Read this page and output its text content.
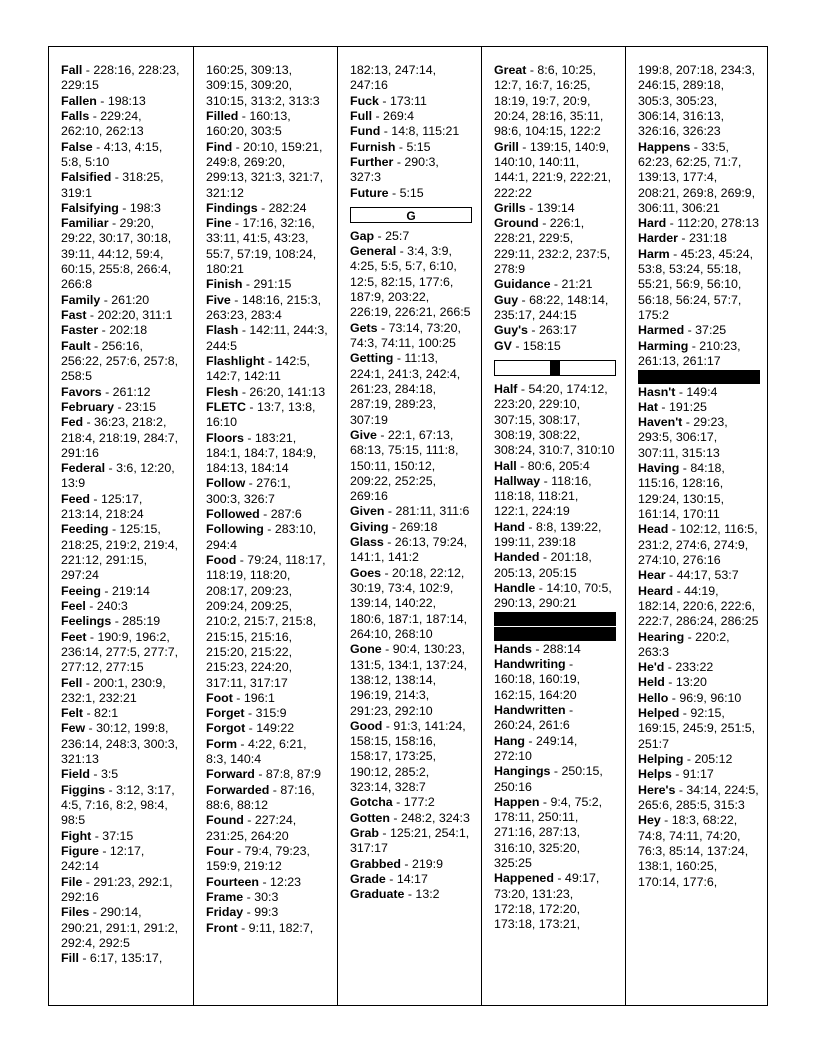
Fall - 228:16, 228:23, 229:15

Fallen - 198:13

Falls - 229:24, 262:10, 262:13

False - 4:13, 4:15, 5:8, 5:10

Falsified - 318:25, 319:1

Falsifying - 198:3

Familiar - 29:20, 29:22, 30:17, 30:18, 39:11, 44:12, 59:4, 60:15, 255:8, 266:4, 266:8

Family - 261:20

Fast - 202:20, 311:1

Faster - 202:18

Fault - 256:16, 256:22, 257:6, 257:8, 258:5

Favors - 261:12

February - 23:15

Fed - 36:23, 218:2, 218:4, 218:19, 284:7, 291:16

Federal - 3:6, 12:20, 13:9

Feed - 125:17, 213:14, 218:24

Feeding - 125:15, 218:25, 219:2, 219:4, 221:12, 291:15, 297:24

Feeing - 219:14

Feel - 240:3

Feelings - 285:19

Feet - 190:9, 196:2, 236:14, 277:5, 277:7, 277:12, 277:15

Fell - 200:1, 230:9, 232:1, 232:21

Felt - 82:1

Few - 30:12, 199:8, 236:14, 248:3, 300:3, 321:13

Field - 3:5

Figgins - 3:12, 3:17, 4:5, 7:16, 8:2, 98:4, 98:5

Fight - 37:15

Figure - 12:17, 242:14

File - 291:23, 292:1, 292:16

Files - 290:14, 290:21, 291:1, 291:2, 292:4, 292:5

Fill - 6:17, 135:17,

160:25, 309:13, 309:15, 309:20, 310:15, 313:2, 313:3

Filled - 160:13, 160:20, 303:5

Find - 20:10, 159:21, 249:8, 269:20, 299:13, 321:3, 321:7, 321:12

Findings - 282:24

Fine - 17:16, 32:16, 33:11, 41:5, 43:23, 55:7, 57:19, 108:24, 180:21

Finish - 291:15

Five - 148:16, 215:3, 263:23, 283:4

Flash - 142:11, 244:3, 244:5

Flashlight - 142:5, 142:7, 142:11

Flesh - 26:20, 141:13

FLETC - 13:7, 13:8, 16:10

Floors - 183:21, 184:1, 184:7, 184:9, 184:13, 184:14

Follow - 276:1, 300:3, 326:7

Followed - 287:6

Following - 283:10, 294:4

Food - 79:24, 118:17, 118:19, 118:20, 208:17, 209:23, 209:24, 209:25, 210:2, 215:7, 215:8, 215:15, 215:16, 215:20, 215:22, 215:23, 224:20, 317:11, 317:17

Foot - 196:1

Forget - 315:9

Forgot - 149:22

Form - 4:22, 6:21, 8:3, 140:4

Forward - 87:8, 87:9

Forwarded - 87:16, 88:6, 88:12

Found - 227:24, 231:25, 264:20

Four - 79:4, 79:23, 159:9, 219:12

Fourteen - 12:23

Frame - 30:3

Friday - 99:3

Front - 9:11, 182:7,

182:13, 247:14, 247:16

Fuck - 173:11

Full - 269:4

Fund - 14:8, 115:21

Furnish - 5:15

Further - 290:3, 327:3

Future - 5:15

G

Gap - 25:7

General - 3:4, 3:9, 4:25, 5:5, 5:7, 6:10, 12:5, 82:15, 177:6, 187:9, 203:22, 226:19, 226:21, 266:5

Gets - 73:14, 73:20, 74:3, 74:11, 100:25

Getting - 11:13, 224:1, 241:3, 242:4, 261:23, 284:18, 287:19, 289:23, 307:19

Give - 22:1, 67:13, 68:13, 75:15, 111:8, 150:11, 150:12, 209:22, 252:25, 269:16

Given - 281:11, 311:6

Giving - 269:18

Glass - 26:13, 79:24, 141:1, 141:2

Goes - 20:18, 22:12, 30:19, 73:4, 102:9, 139:14, 140:22, 180:6, 187:1, 187:14, 264:10, 268:10

Gone - 90:4, 130:23, 131:5, 134:1, 137:24, 138:12, 138:14, 196:19, 214:3, 291:23, 292:10

Good - 91:3, 141:24, 158:15, 158:16, 158:17, 173:25, 190:12, 285:2, 323:14, 328:7

Gotcha - 177:2

Gotten - 248:2, 324:3

Grab - 125:21, 254:1, 317:17

Grabbed - 219:9

Grade - 14:17

Graduate - 13:2

Great - 8:6, 10:25, 12:7, 16:7, 16:25, 18:19, 19:7, 20:9, 20:24, 28:16, 35:11, 98:6, 104:15, 122:2

Grill - 139:15, 140:9, 140:10, 140:11, 144:1, 221:9, 222:21, 222:22

Grills - 139:14

Ground - 226:1, 228:21, 229:5, 229:11, 232:2, 237:5, 278:9

Guidance - 21:21

Guy - 68:22, 148:14, 235:17, 244:15

Guy's - 263:17

GV - 158:15

Half - 54:20, 174:12, 223:20, 229:10, 307:15, 308:17, 308:19, 308:22, 308:24, 310:7, 310:10

Hall - 80:6, 205:4

Hallway - 118:16, 118:18, 118:21, 122:1, 224:19

Hand - 8:8, 139:22, 199:11, 239:18

Handed - 201:18, 205:13, 205:15

Handle - 14:10, 70:5, 290:13, 290:21

Hands - 288:14

Handwriting - 160:18, 160:19, 162:15, 164:20

Handwritten - 260:24, 261:6

Hang - 249:14, 272:10

Hangings - 250:15, 250:16

Happen - 9:4, 75:2, 178:11, 250:11, 271:16, 287:13, 316:10, 325:20, 325:25

Happened - 49:17, 73:20, 131:23, 172:18, 172:20, 173:18, 173:21,

199:8, 207:18, 234:3, 246:15, 289:18, 305:3, 305:23, 306:14, 316:13, 326:16, 326:23

Happens - 33:5, 62:23, 62:25, 71:7, 139:13, 177:4, 208:21, 269:8, 269:9, 306:11, 306:21

Hard - 112:20, 278:13

Harder - 231:18

Harm - 45:23, 45:24, 53:8, 53:24, 55:18, 55:21, 56:9, 56:10, 56:18, 56:24, 57:7, 175:2

Harmed - 37:25

Harming - 210:23, 261:13, 261:17

Hasn't - 149:4

Hat - 191:25

Haven't - 29:23, 293:5, 306:17, 307:11, 315:13

Having - 84:18, 115:16, 128:16, 129:24, 130:15, 161:14, 170:11

Head - 102:12, 116:5, 231:2, 274:6, 274:9, 274:10, 276:16

Hear - 44:17, 53:7

Heard - 44:19, 182:14, 220:6, 222:6, 222:7, 286:24, 286:25

Hearing - 220:2, 263:3

He'd - 233:22

Held - 13:20

Hello - 96:9, 96:10

Helped - 92:15, 169:15, 245:9, 251:5, 251:7

Helping - 205:12

Helps - 91:17

Here's - 34:14, 224:5, 265:6, 285:5, 315:3

Hey - 18:3, 68:22, 74:8, 74:11, 74:20, 76:3, 85:14, 137:24, 138:1, 160:25, 170:14, 177:6,
